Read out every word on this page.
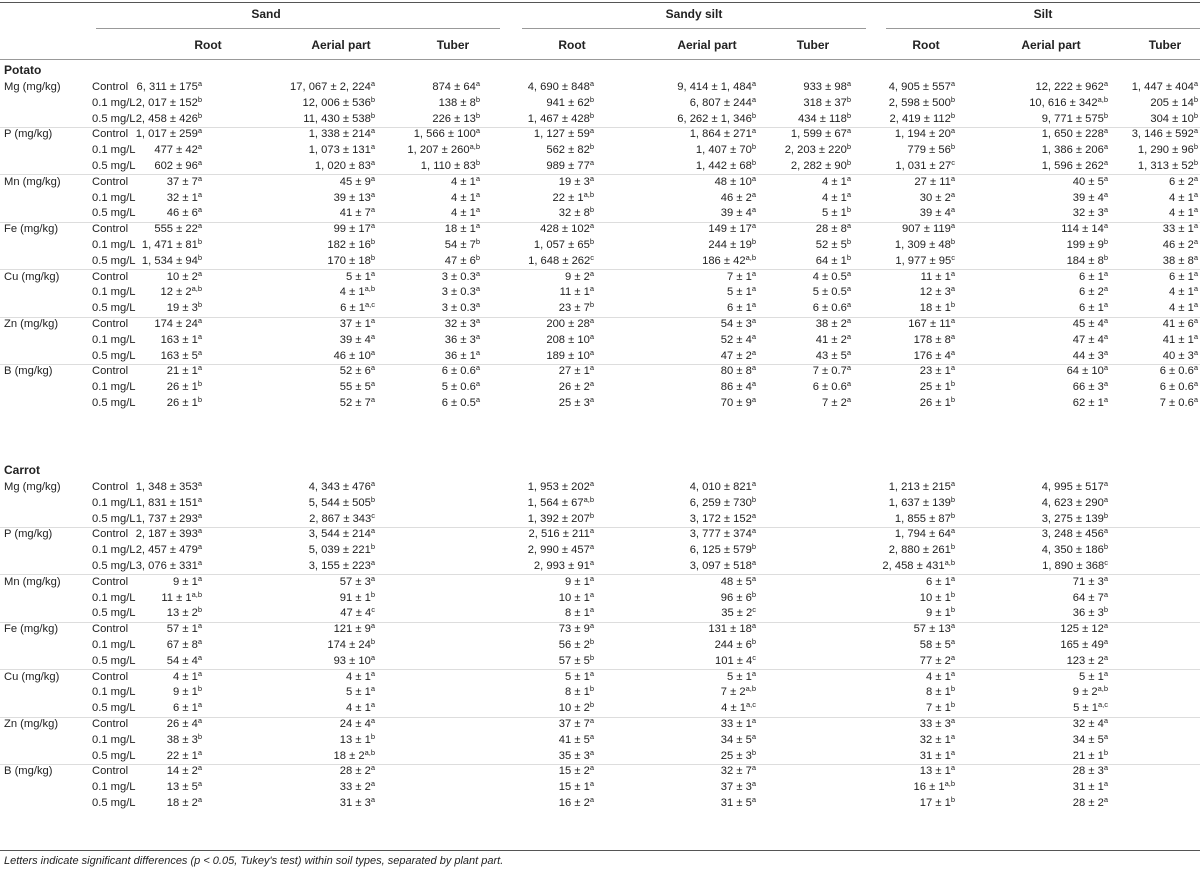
Sand	Sandy silt	Silt
Root	Aerial part	Tuber	Root	Aerial part	Tuber	Root	Aerial part	Tuber
Potato
Mg (mg/kg)	Control 6, $311 \pm 175^a$	17, 067 ± 2, 224$^a$	$874 \pm 64^a$	4, $690 \pm 848^a$	9, 414 ± 1, 484$^a$	$933 \pm 98^a$	4, $905 \pm 557^a$	12, $222 \pm 962^a$	1, $447 \pm 404^a$
0.1 mg/L 2, $017 \pm 152^b$	12, $006 \pm 536^b$	$138 \pm 8^b$	$941 \pm 62^b$	6, $807 \pm 244^a$	$318 \pm 37^b$	2, $598 \pm 500^b$	10, $616 \pm 342^{a,b}$	$205 \pm 14^b$
0.5 mg/L 2, $458 \pm 426^b$	11, $430 \pm 538^b$	$226 \pm 13^b$	1, $467 \pm 428^b$	6, 262 ± 1, 346$^b$	$434 \pm 118^b$	2, $419 \pm 112^b$	9, $771 \pm 575^b$	$304 \pm 10^b$
P (mg/kg)	Control 1, $017 \pm 259^a$	1, $338 \pm 214^a$	1, $566 \pm 100^a$	1, $127 \pm 59^a$	1, $864 \pm 271^a$	1, $599 \pm 67^a$	1, $194 \pm 20^a$	1, $650 \pm 228^a$	3, $146 \pm 592^a$
0.1 mg/L	$477 \pm 42^a$	1, $073 \pm 131^a$	1, $207 \pm 260^{a,b}$	$562 \pm 82^b$	1, $407 \pm 70^b$	2, $203 \pm 220^b$	$779 \pm 56^b$	1, $386 \pm 206^a$	1, $290 \pm 96^b$
0.5 mg/L	$602 \pm 96^a$	1, $020 \pm 83^a$	1, $110 \pm 83^b$	$989 \pm 77^a$	1, $442 \pm 68^b$	2, $282 \pm 90^b$	1, $031 \pm 27^c$	1, $596 \pm 262^a$	1, $313 \pm 52^b$
Mn (mg/kg)	Control	$37 \pm 7^a$	$45 \pm 9^a$	$4 \pm 1^a$	$19 \pm 3^a$	$48 \pm 10^a$	$4 \pm 1^a$	$27 \pm 11^a$	$40 \pm 5^a$	$6 \pm 2^a$
0.1 mg/L	$32 \pm 1^a$	$39 \pm 13^a$	$4 \pm 1^a$	$22 \pm 1^{a,b}$	$46 \pm 2^a$	$4 \pm 1^a$	$30 \pm 2^a$	$39 \pm 4^a$	$4 \pm 1^a$
0.5 mg/L	$46 \pm 6^a$	$41 \pm 7^a$	$4 \pm 1^a$	$32 \pm 8^b$	$39 \pm 4^a$	$5 \pm 1^b$	$39 \pm 4^a$	$32 \pm 3^a$	$4 \pm 1^a$
Fe (mg/kg)	Control	$555 \pm 22^a$	$99 \pm 17^a$	$18 \pm 1^a$	$428 \pm 102^a$	$149 \pm 17^a$	$28 \pm 8^a$	$907 \pm 119^a$	$114 \pm 14^a$	$33 \pm 1^a$
0.1 mg/L 1, $471 \pm 81^b$	$182 \pm 16^b$	$54 \pm 7^b$	1, $057 \pm 65^b$	$244 \pm 19^b$	$52 \pm 5^b$	1, $309 \pm 48^b$	$199 \pm 9^b$	$46 \pm 2^a$
0.5 mg/L 1, $534 \pm 94^b$	$170 \pm 18^b$	$47 \pm 6^b$	1, $648 \pm 262^c$	$186 \pm 42^{a,b}$	$64 \pm 1^b$	1, $977 \pm 95^c$	$184 \pm 8^b$	$38 \pm 8^a$
Cu (mg/kg)	Control	$10 \pm 2^a$	$5 \pm 1^a$	3 ± 0.3$^a$	$9 \pm 2^a$	$7 \pm 1^a$	4 ± 0.5$^a$	$11 \pm 1^a$	$6 \pm 1^a$	$6 \pm 1^a$
0.1 mg/L	$12 \pm 2^{a,b}$	$4 \pm 1^{a,b}$	3 ± 0.3$^a$	$11 \pm 1^a$	$5 \pm 1^a$	5 ± 0.5$^a$	$12 \pm 3^a$	$6 \pm 2^a$	$4 \pm 1^a$
0.5 mg/L	$19 \pm 3^b$	$6 \pm 1^{a,c}$	3 ± 0.3$^a$	$23 \pm 7^b$	$6 \pm 1^a$	6 ± 0.6$^a$	$18 \pm 1^b$	$6 \pm 1^a$	$4 \pm 1^a$
Zn (mg/kg)	Control	$174 \pm 24^a$	$37 \pm 1^a$	$32 \pm 3^a$	$200 \pm 28^a$	$54 \pm 3^a$	$38 \pm 2^a$	$167 \pm 11^a$	$45 \pm 4^a$	$41 \pm 6^a$
0.1 mg/L	$163 \pm 1^a$	$39 \pm 4^a$	$36 \pm 3^a$	$208 \pm 10^a$	$52 \pm 4^a$	$41 \pm 2^a$	$178 \pm 8^a$	$47 \pm 4^a$	$41 \pm 1^a$
0.5 mg/L	$163 \pm 5^a$	$46 \pm 10^a$	$36 \pm 1^a$	$189 \pm 10^a$	$47 \pm 2^a$	$43 \pm 5^a$	$176 \pm 4^a$	$44 \pm 3^a$	$40 \pm 3^a$
B (mg/kg)	Control	$21 \pm 1^a$	$52 \pm 6^a$	6 ± 0.6$^a$	$27 \pm 1^a$	$80 \pm 8^a$	7 ± 0.7$^a$	$23 \pm 1^a$	$64 \pm 10^a$	6 ± 0.6$^a$
0.1 mg/L	$26 \pm 1^b$	$55 \pm 5^a$	5 ± 0.6$^a$	$26 \pm 2^a$	$86 \pm 4^a$	6 ± 0.6$^a$	$25 \pm 1^b$	$66 \pm 3^a$	6 ± 0.6$^a$
0.5 mg/L	$26 \pm 1^b$	$52 \pm 7^a$	6 ± 0.5$^a$	$25 \pm 3^a$	$70 \pm 9^a$	$7 \pm 2^a$	$26 \pm 1^b$	$62 \pm 1^a$	7 ± 0.6$^a$
Carrot
Mg (mg/kg)	Control 1, $348 \pm 353^a$	4, $343 \pm 476^a$	1, $953 \pm 202^a$	4, $010 \pm 821^a$	1, $213 \pm 215^a$	4, $995 \pm 517^a$
0.1 mg/L 1, $831 \pm 151^a$	5, $544 \pm 505^b$	1, $564 \pm 67^{a,b}$	6, $259 \pm 730^b$	1, $637 \pm 139^b$	4, $623 \pm 290^a$
0.5 mg/L 1, $737 \pm 293^a$	2, $867 \pm 343^c$	1, $392 \pm 207^b$	3, $172 \pm 152^a$	1, $855 \pm 87^b$	3, $275 \pm 139^b$
P (mg/kg)	Control 2, $187 \pm 393^a$	3, $544 \pm 214^a$	2, $516 \pm 211^a$	3, $777 \pm 374^a$	1, $794 \pm 64^a$	3, $248 \pm 456^a$
0.1 mg/L 2, $457 \pm 479^a$	5, $039 \pm 221^b$	2, $990 \pm 457^a$	6, $125 \pm 579^b$	2, $880 \pm 261^b$	4, $350 \pm 186^b$
0.5 mg/L 3, $076 \pm 331^a$	3, $155 \pm 223^a$	2, $993 \pm 91^a$	3, $097 \pm 518^a$	2, $458 \pm 431^{a,b}$	1, $890 \pm 368^c$
Mn (mg/kg)	Control	$9 \pm 1^a$	$57 \pm 3^a$	$9 \pm 1^a$	$48 \pm 5^a$	$6 \pm 1^a$	$71 \pm 3^a$
0.1 mg/L	$11 \pm 1^{a,b}$	$91 \pm 1^b$	$10 \pm 1^a$	$96 \pm 6^b$	$10 \pm 1^b$	$64 \pm 7^a$
0.5 mg/L	$13 \pm 2^b$	$47 \pm 4^c$	$8 \pm 1^a$	$35 \pm 2^c$	$9 \pm 1^b$	$36 \pm 3^b$
Fe (mg/kg)	Control	$57 \pm 1^a$	$121 \pm 9^a$	$73 \pm 9^a$	$131 \pm 18^a$	$57 \pm 13^a$	$125 \pm 12^a$
0.1 mg/L	$67 \pm 8^a$	$174 \pm 24^b$	$56 \pm 2^b$	$244 \pm 6^b$	$58 \pm 5^a$	$165 \pm 49^a$
0.5 mg/L	$54 \pm 4^a$	$93 \pm 10^a$	$57 \pm 5^b$	$101 \pm 4^c$	$77 \pm 2^a$	$123 \pm 2^a$
Cu (mg/kg)	Control	$4 \pm 1^a$	$4 \pm 1^a$	$5 \pm 1^a$	$5 \pm 1^a$	$4 \pm 1^a$	$5 \pm 1^a$
0.1 mg/L	$9 \pm 1^b$	$5 \pm 1^a$	$8 \pm 1^b$	$7 \pm 2^{a,b}$	$8 \pm 1^b$	$9 \pm 2^{a,b}$
0.5 mg/L	$6 \pm 1^a$	$4 \pm 1^a$	$10 \pm 2^b$	$4 \pm 1^{a,c}$	$7 \pm 1^b$	$5 \pm 1^{a,c}$
Zn (mg/kg)	Control	$26 \pm 4^a$	$24 \pm 4^a$	$37 \pm 7^a$	$33 \pm 1^a$	$33 \pm 3^a$	$32 \pm 4^a$
0.1 mg/L	$38 \pm 3^b$	$13 \pm 1^b$	$41 \pm 5^a$	$34 \pm 5^a$	$32 \pm 1^a$	$34 \pm 5^a$
0.5 mg/L	$22 \pm 1^a$	$18 \pm 2^{a,b}$	$35 \pm 3^a$	$25 \pm 3^b$	$31 \pm 1^a$	$21 \pm 1^b$
B (mg/kg)	Control	$14 \pm 2^a$	$28 \pm 2^a$	$15 \pm 2^a$	$32 \pm 7^a$	$13 \pm 1^a$	$28 \pm 3^a$
0.1 mg/L	$13 \pm 5^a$	$33 \pm 2^a$	$15 \pm 1^a$	$37 \pm 3^a$	$16 \pm 1^{a,b}$	$31 \pm 1^a$
0.5 mg/L	$18 \pm 2^a$	$31 \pm 3^a$	$16 \pm 2^a$	$31 \pm 5^a$	$17 \pm 1^b$	$28 \pm 2^a$
Letters indicate significant differences (p < 0.05, Tukey's test) within soil types, separated by plant part.
